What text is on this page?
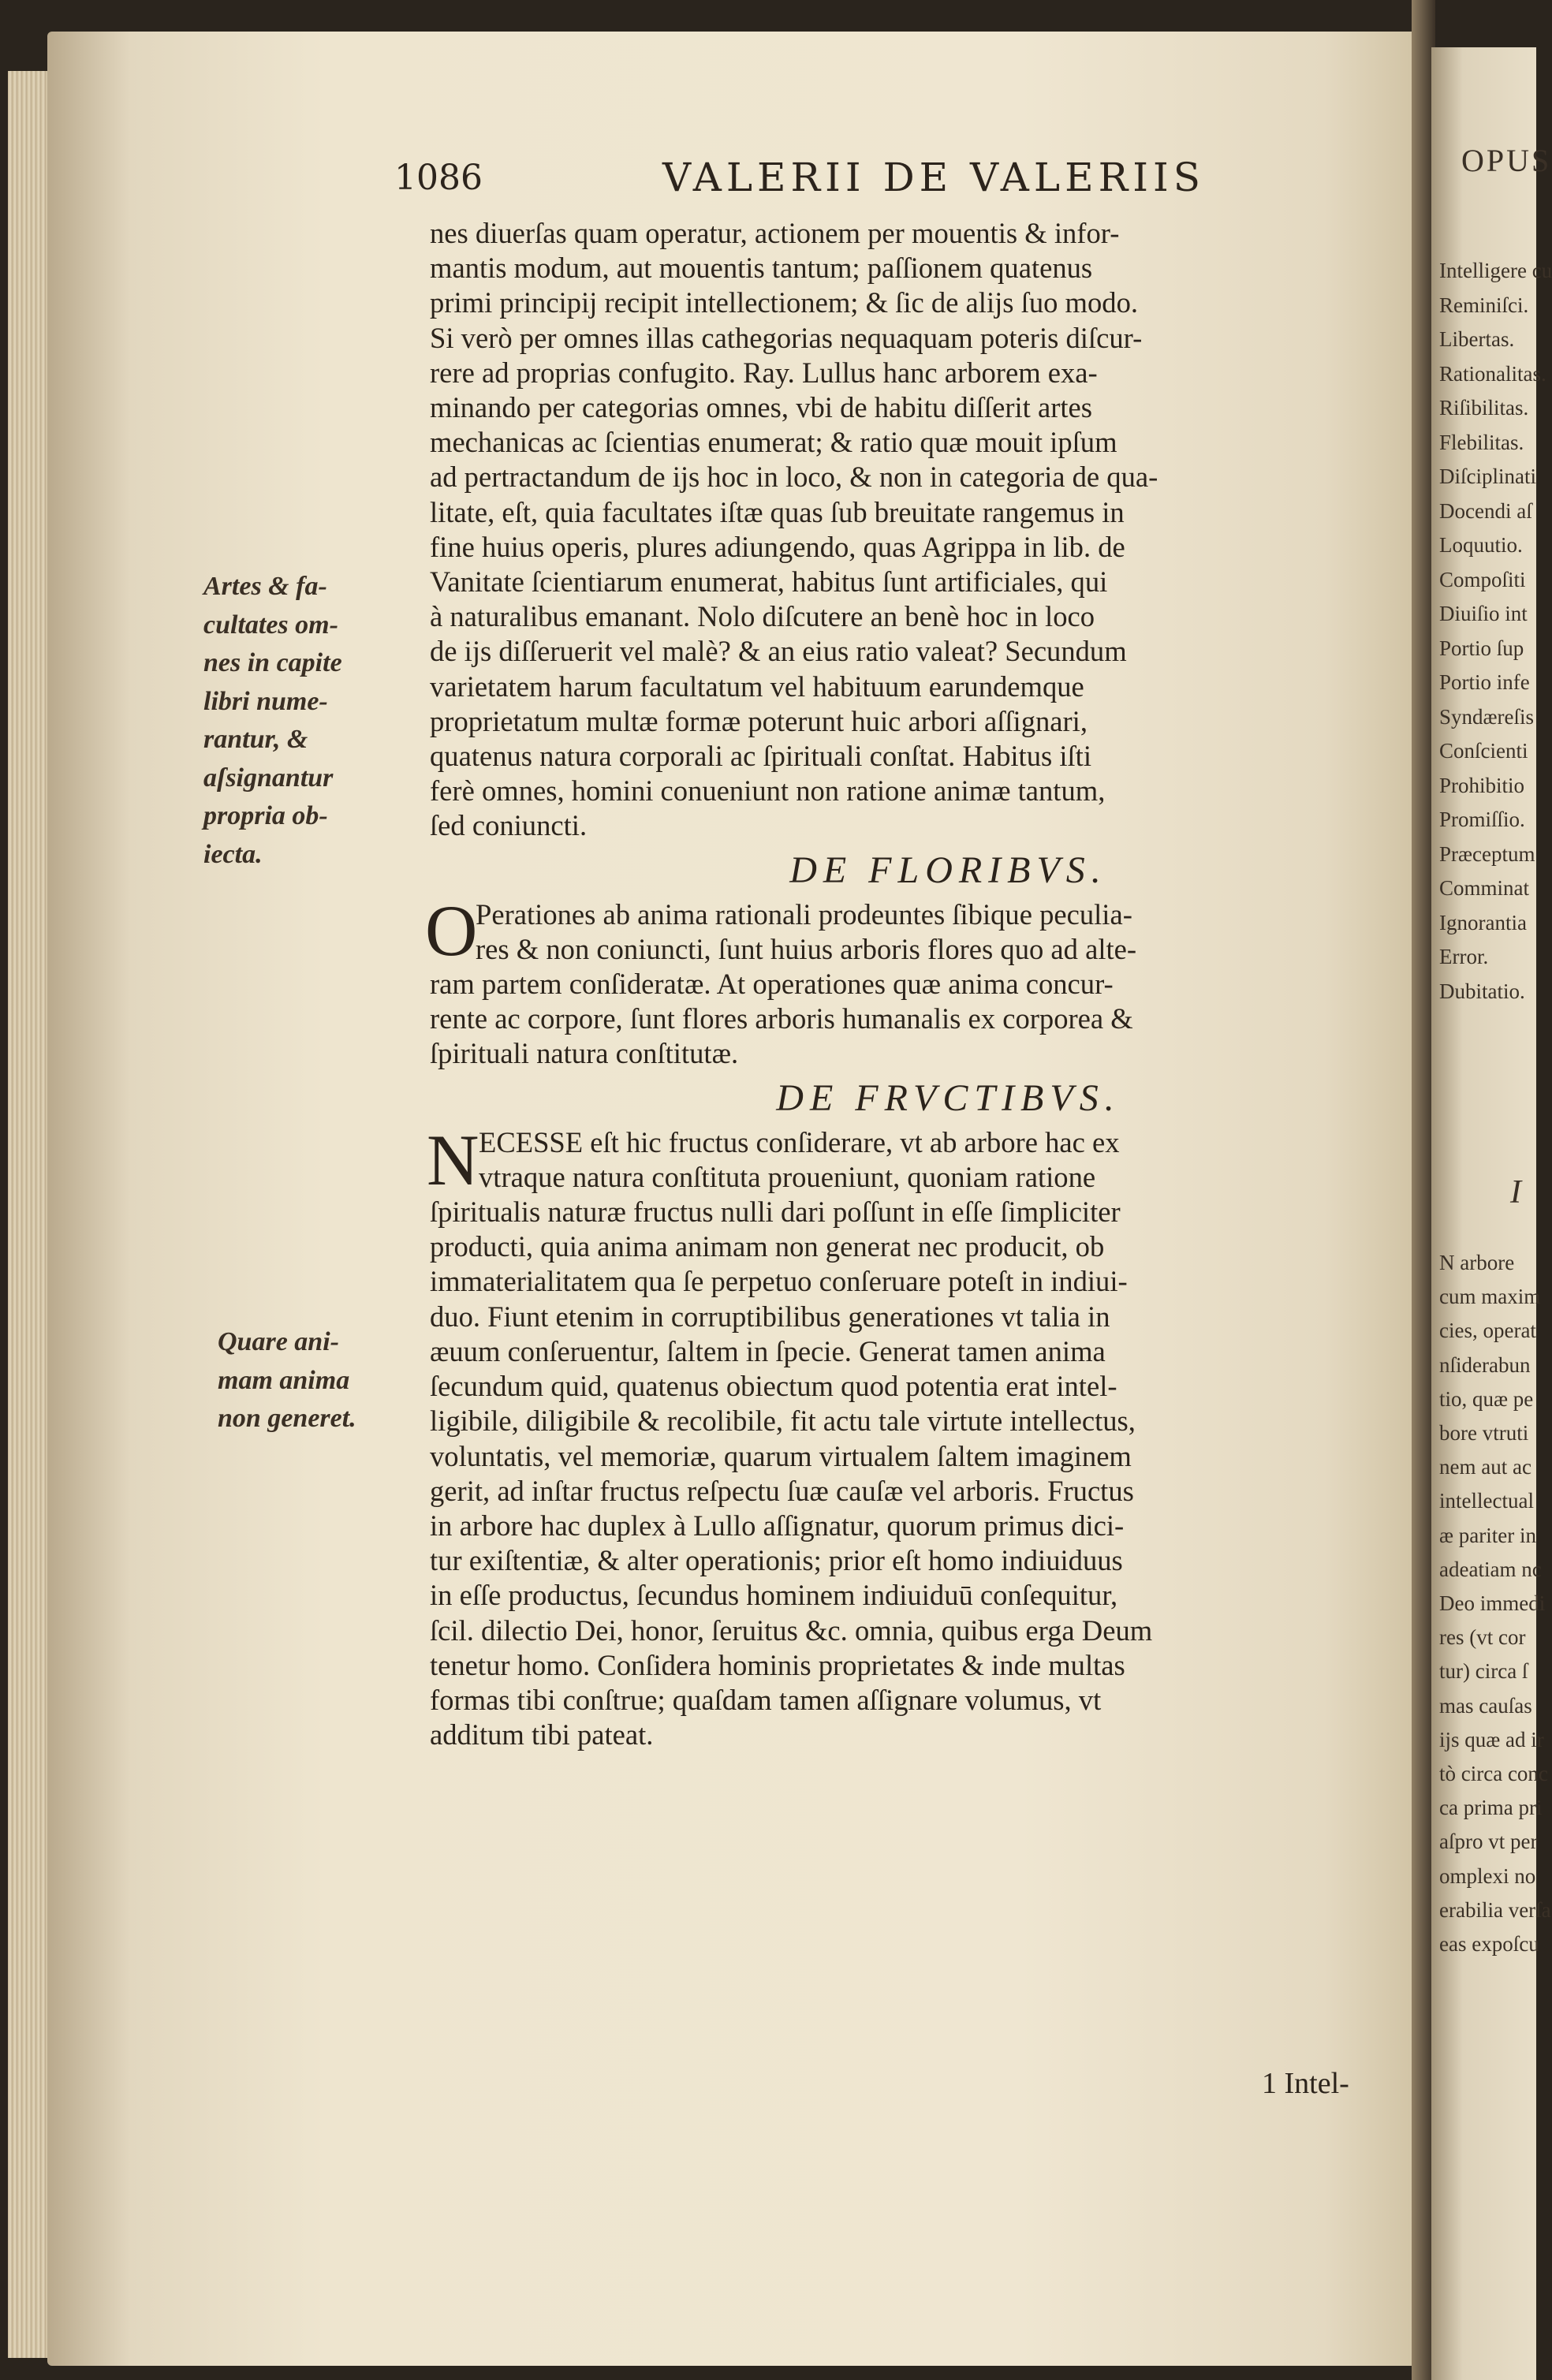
1086	VALERII DE VALERIIS
Artes & fa-
cultates om-
nes in capite
libri nume-
rantur, &
aſsignantur
propria ob-
iecta.
Quare ani-
mam anima
non generet.
nes diuerſas quam operatur, actionem per mouentis & infor-
mantis modum, aut mouentis tantum; paſſionem quatenus
primi principij recipit intellectionem; & ſic de alijs ſuo modo.
Si verò per omnes illas cathegorias nequaquam poteris diſcur-
rere ad proprias confugito. Ray. Lullus hanc arborem exa-
minando per categorias omnes, vbi de habitu diſſerit artes
mechanicas ac ſcientias enumerat; & ratio quæ mouit ipſum
ad pertractandum de ijs hoc in loco, & non in categoria de qua-
litate, eſt, quia facultates iſtæ quas ſub breuitate rangemus in
fine huius operis, plures adiungendo, quas Agrippa in lib. de
Vanitate ſcientiarum enumerat, habitus ſunt artificiales, qui
à naturalibus emanant. Nolo diſcutere an benè hoc in loco
de ijs diſſeruerit vel malè? & an eius ratio valeat? Secundum
varietatem harum facultatum vel habituum earundemque
proprietatum multæ formæ poterunt huic arbori aſſignari,
quatenus natura corporali ac ſpirituali conſtat. Habitus iſti
ferè omnes, homini conueniunt non ratione animæ tantum,
ſed coniuncti.
DE FLORIBVS.
O
Perationes ab anima rationali prodeuntes ſibique peculia-
res & non coniuncti, ſunt huius arboris flores quo ad alte-
ram partem conſideratæ. At operationes quæ anima concur-
rente ac corpore, ſunt flores arboris humanalis ex corporea &
ſpirituali natura conſtitutæ.
DE FRVCTIBVS.
N ECESSE eſt hic fructus conſiderare, vt ab arbore hac ex
vtraque natura conſtituta proueniunt, quoniam ratione
ſpiritualis naturæ fructus nulli dari poſſunt in eſſe ſimpliciter
producti, quia anima animam non generat nec producit, ob
immaterialitatem qua ſe perpetuo conſeruare poteſt in indiui-
duo. Fiunt etenim in corruptibilibus generationes vt talia in
æuum conſeruentur, ſaltem in ſpecie. Generat tamen anima
ſecundum quid, quatenus obiectum quod potentia erat intel-
ligibile, diligibile & recolibile, fit actu tale virtute intellectus,
voluntatis, vel memoriæ, quarum virtualem ſaltem imaginem
gerit, ad inſtar fructus reſpectu ſuæ cauſæ vel arboris. Fructus
in arbore hac duplex à Lullo aſſignatur, quorum primus dici-
tur exiſtentiæ, & alter operationis; prior eſt homo indiuiduus
in eſſe productus, ſecundus hominem indiuiduū conſequitur,
ſcil. dilectio Dei, honor, ſeruitus &c. omnia, quibus erga Deum
tenetur homo. Conſidera hominis proprietates & inde multas
formas tibi conſtrue; quaſdam tamen aſſignare volumus, vt
additum tibi pateat.
1 Intel-
OPUS
Intelligere cu
Reminiſci.
Libertas.
Rationalitas.
Riſibilitas.
Flebilitas.
Diſciplinati
Docendi aſ
Loquutio.
Compoſiti
Diuiſio int
Portio ſup
Portio infe
Syndæreſis
Conſcienti
Prohibitio
Promiſſio.
Præceptum
Comminat
Ignorantia
Error.
Dubitatio.
I
N arbore
cum maxim
cies, operat
nſiderabun
tio, quæ pe
bore vtruti
nem aut ac
intellectual
æ pariter in
adeatiam nc
Deo immedi
res (vt cor
tur) circa ſ
mas cauſas
ijs quæ ad ir
tò circa conc
ca prima pri
aſpro vt per
omplexi no
erabilia verſa
eas expoſcu
